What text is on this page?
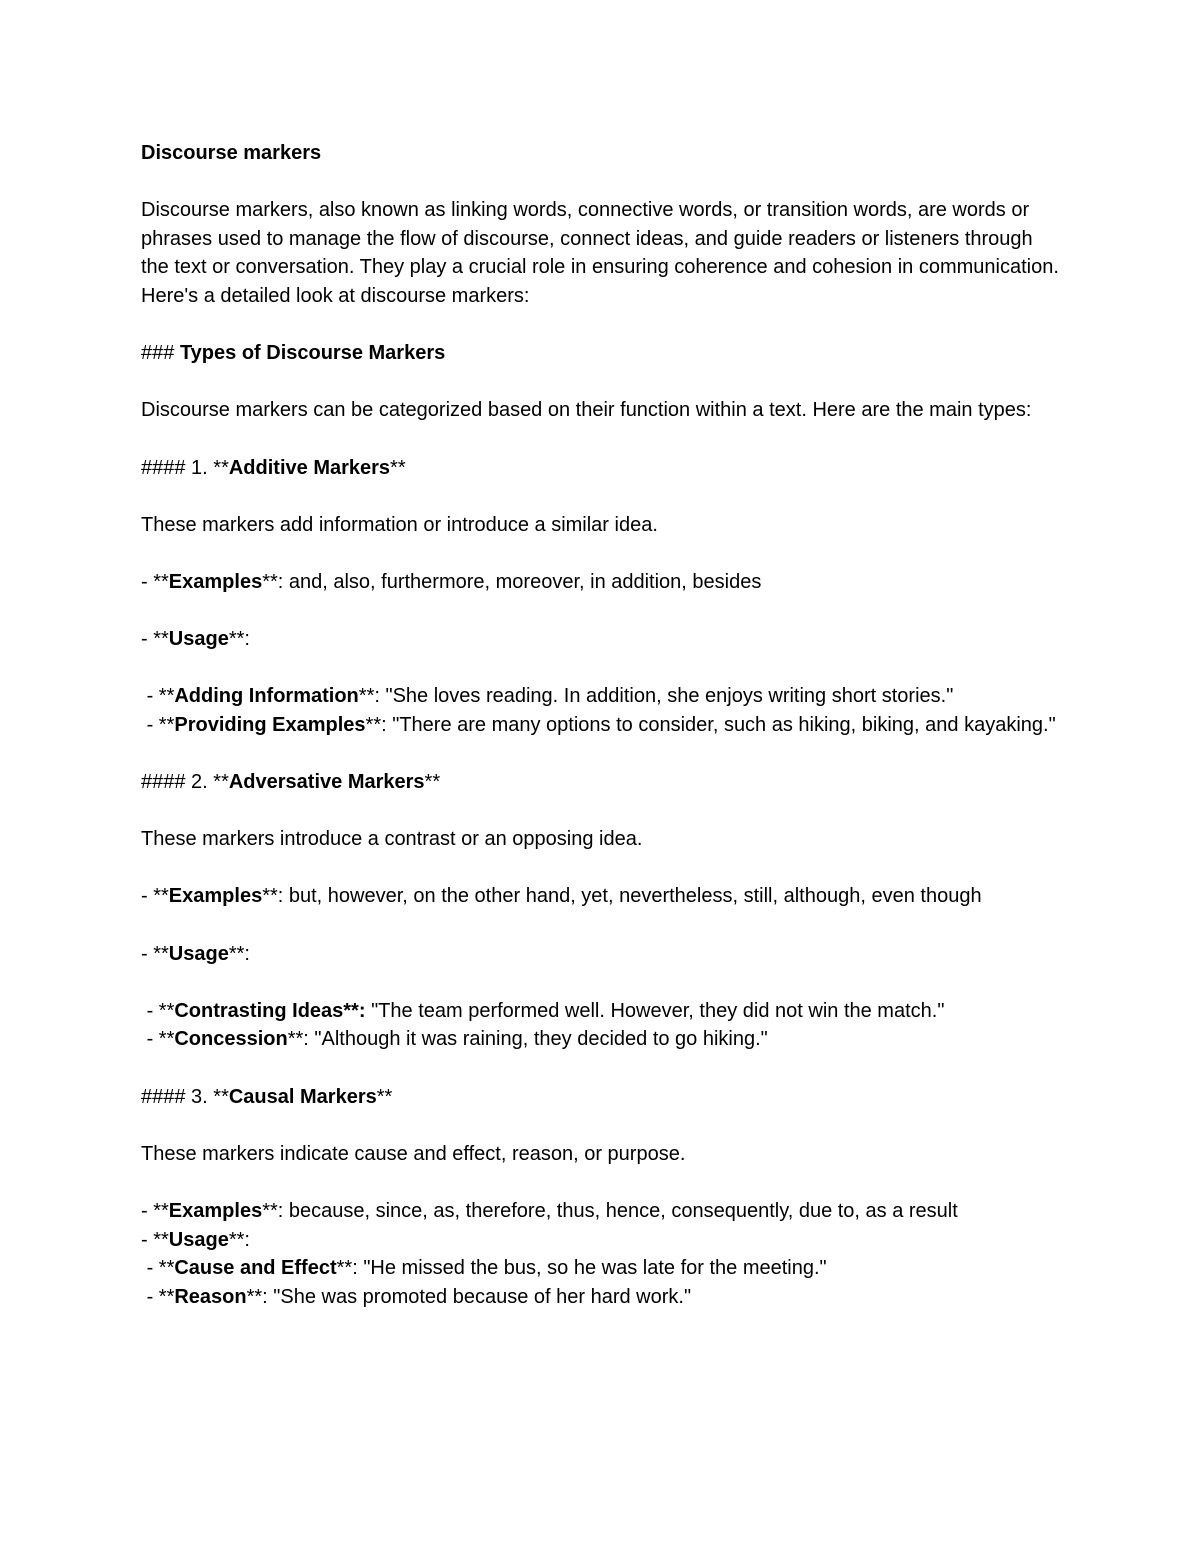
Discourse markers

Discourse markers, also known as linking words, connective words, or transition words, are words or phrases used to manage the flow of discourse, connect ideas, and guide readers or listeners through the text or conversation. They play a crucial role in ensuring coherence and cohesion in communication. Here's a detailed look at discourse markers:

### Types of Discourse Markers

Discourse markers can be categorized based on their function within a text. Here are the main types:

#### 1. **Additive Markers**

These markers add information or introduce a similar idea.

- **Examples**: and, also, furthermore, moreover, in addition, besides

- **Usage**:

- **Adding Information**: "She loves reading. In addition, she enjoys writing short stories."

- **Providing Examples**: "There are many options to consider, such as hiking, biking, and kayaking."

#### 2. **Adversative Markers**

These markers introduce a contrast or an opposing idea.

- **Examples**: but, however, on the other hand, yet, nevertheless, still, although, even though

- **Usage**:

- **Contrasting Ideas**: "The team performed well. However, they did not win the match."

- **Concession**: "Although it was raining, they decided to go hiking."

#### 3. **Causal Markers**

These markers indicate cause and effect, reason, or purpose.

- **Examples**: because, since, as, therefore, thus, hence, consequently, due to, as a result

- **Usage**:

- **Cause and Effect**: "He missed the bus, so he was late for the meeting."

- **Reason**: "She was promoted because of her hard work."
